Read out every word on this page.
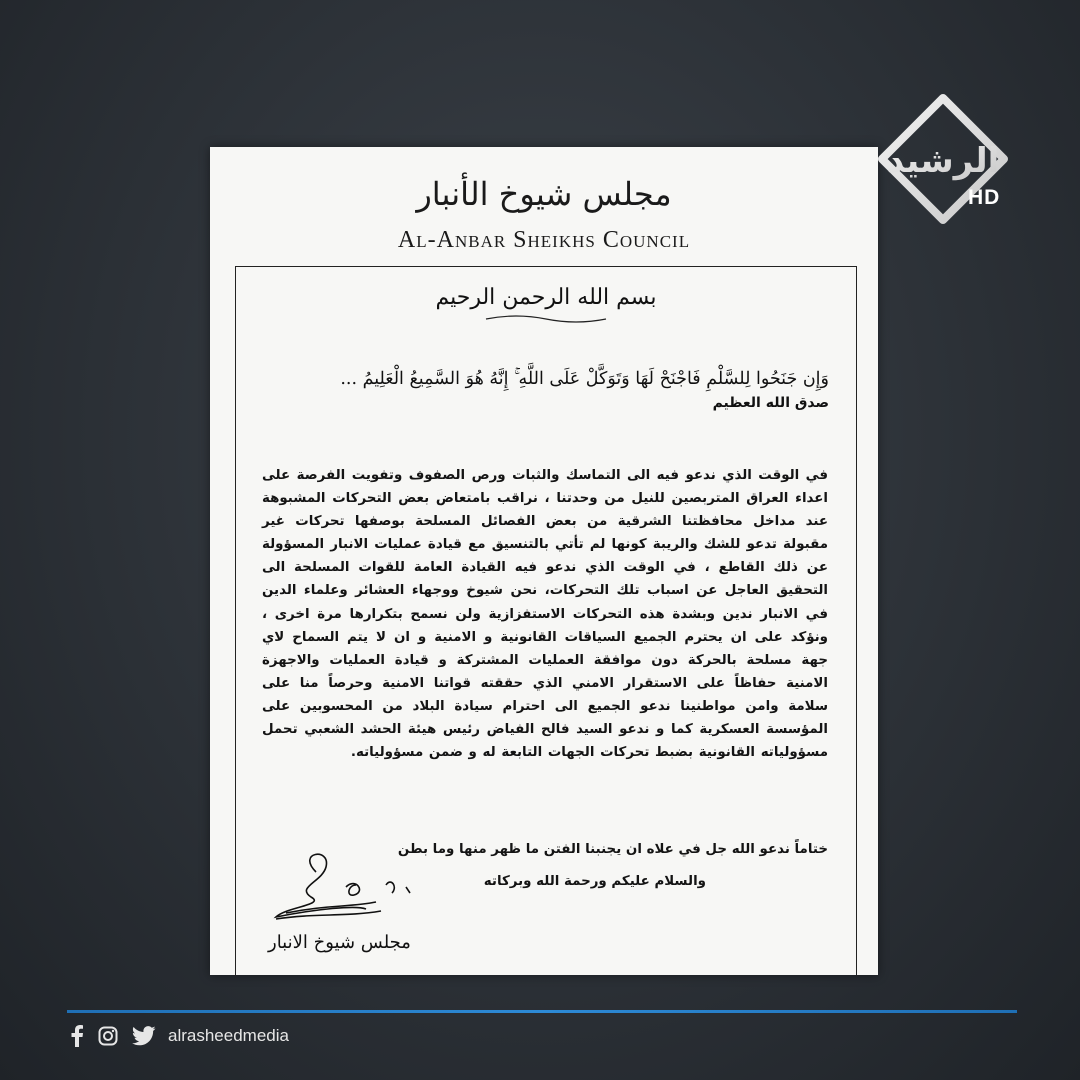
مجلس شيوخ الأنبار
Al-Anbar Sheikhs Council
بسم الله الرحمن الرحيم
وَإِن جَنَحُوا لِلسَّلْمِ فَاجْنَحْ لَهَا وَتَوَكَّلْ عَلَى اللَّهِ ۚ إِنَّهُ هُوَ السَّمِيعُ الْعَلِيمُ ...
صدق الله العظيم
في الوقت الذي ندعو فيه الى التماسك والثبات ورص الصفوف وتفويت الفرصة على اعداء العراق المتربصين للنيل من وحدتنا ، نراقب بامتعاض بعض التحركات المشبوهة عند مداخل محافظتنا الشرقية من بعض الفصائل المسلحة بوصفها تحركات غير مقبولة تدعو للشك والريبة كونها لم تأتي بالتنسيق مع قيادة عمليات الانبار المسؤولة عن ذلك القاطع ، في الوقت الذي ندعو فيه القيادة العامة للقوات المسلحة الى التحقيق العاجل عن اسباب تلك التحركات، نحن شيوخ ووجهاء العشائر وعلماء الدين في الانبار ندين وبشدة هذه التحركات الاستفزازية ولن نسمح بتكرارها مرة اخرى ، ونؤكد على ان يحترم الجميع السياقات القانونية و الامنية و ان لا يتم السماح لاي جهة مسلحة بالحركة دون موافقة العمليات المشتركة و قيادة العمليات والاجهزة الامنية حفاظاً على الاستقرار الامني الذي حققته قواتنا الامنية وحرصاً منا على سلامة وامن مواطنينا ندعو الجميع الى احترام سيادة البلاد من المحسوبين على المؤسسة العسكرية كما و ندعو السيد فالح الفياض رئيس هيئة الحشد الشعبي تحمل مسؤولياته القانونية بضبط تحركات الجهات التابعة له و ضمن مسؤولياته.
ختاماً ندعو الله جل في علاه ان يجنبنا الفتن ما ظهر منها وما بطن
والسلام عليكم ورحمة الله وبركاته
مجلس شيوخ الانبار
الرشيد
HD
alrasheedmedia
